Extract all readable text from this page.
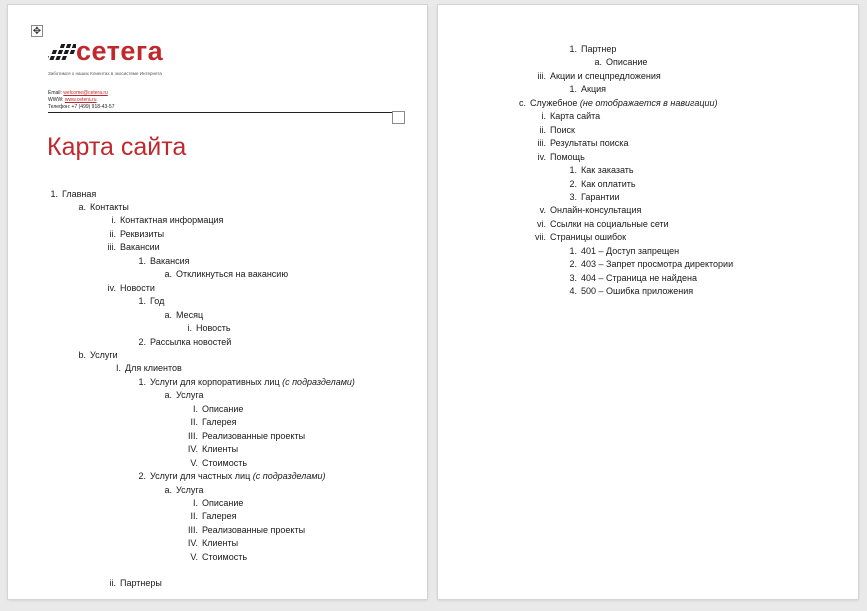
✥
cетега
Заботимся о наших Клиентах в экосистеме Интернета
Email: welcome@cetera.ru
WWW: www.cetera.ru
Телефон: +7 (499) 918-43-57
Карта сайта
1. Главная
a. Контакты
i. Контактная информация
ii. Реквизиты
iii. Вакансии
1. Вакансия
a. Откликнуться на вакансию
iv. Новости
1. Год
a. Месяц
i. Новость
2. Рассылка новостей
b. Услуги
I. Для клиентов
1. Услуги для корпоративных лиц (с подразделами)
a. Услуга
I. Описание
II. Галерея
III. Реализованные проекты
IV. Клиенты
V. Стоимость
2. Услуги для частных лиц (с подразделами)
a. Услуга
I. Описание
II. Галерея
III. Реализованные проекты
IV. Клиенты
V. Стоимость
ii. Партнеры
1. Партнер
a. Описание
iii. Акции и спецпредложения
1. Акция
c. Служебное (не отображается в навигации)
i. Карта сайта
ii. Поиск
iii. Результаты поиска
iv. Помощь
1. Как заказать
2. Как оплатить
3. Гарантии
v. Онлайн-консультация
vi. Ссылки на социальные сети
vii. Страницы ошибок
1. 401 – Доступ запрещен
2. 403 – Запрет просмотра директории
3. 404 – Страница не найдена
4. 500 – Ошибка приложения
